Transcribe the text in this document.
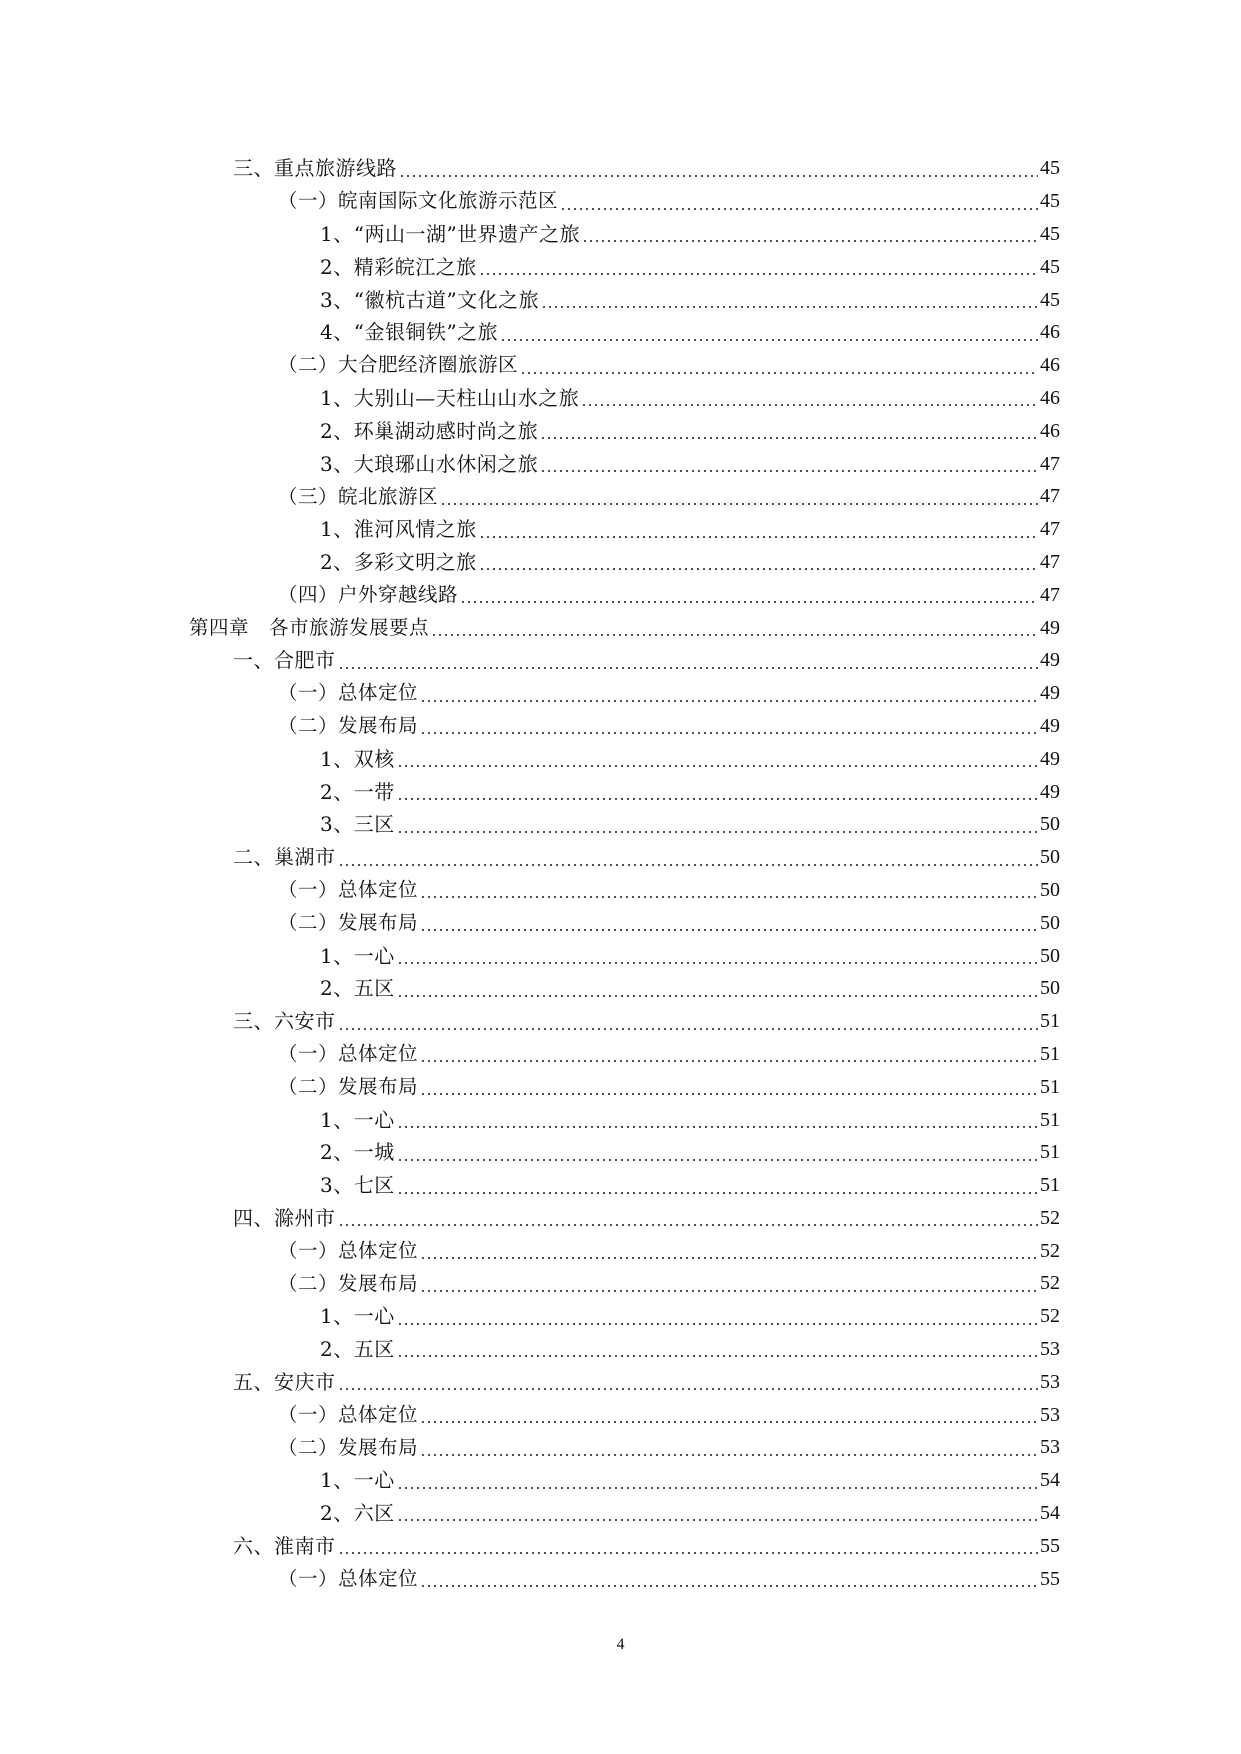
三、重点旅游线路	45
（一）皖南国际文化旅游示范区	45
1、“两山一湖”世界遗产之旅	45
2、精彩皖江之旅	45
3、“徽杭古道”文化之旅	45
4、“金银铜铁”之旅	46
（二）大合肥经济圈旅游区	46
1、大别山—天柱山山水之旅	46
2、环巢湖动感时尚之旅	46
3、大琅琊山水休闲之旅	47
（三）皖北旅游区	47
1、淮河风情之旅	47
2、多彩文明之旅	47
（四）户外穿越线路	47
第四章　各市旅游发展要点	49
一、合肥市	49
（一）总体定位	49
（二）发展布局	49
1、双核	49
2、一带	49
3、三区	50
二、巢湖市	50
（一）总体定位	50
（二）发展布局	50
1、一心	50
2、五区	50
三、六安市	51
（一）总体定位	51
（二）发展布局	51
1、一心	51
2、一城	51
3、七区	51
四、滁州市	52
（一）总体定位	52
（二）发展布局	52
1、一心	52
2、五区	53
五、安庆市	53
（一）总体定位	53
（二）发展布局	53
1、一心	54
2、六区	54
六、淮南市	55
（一）总体定位	55
4
